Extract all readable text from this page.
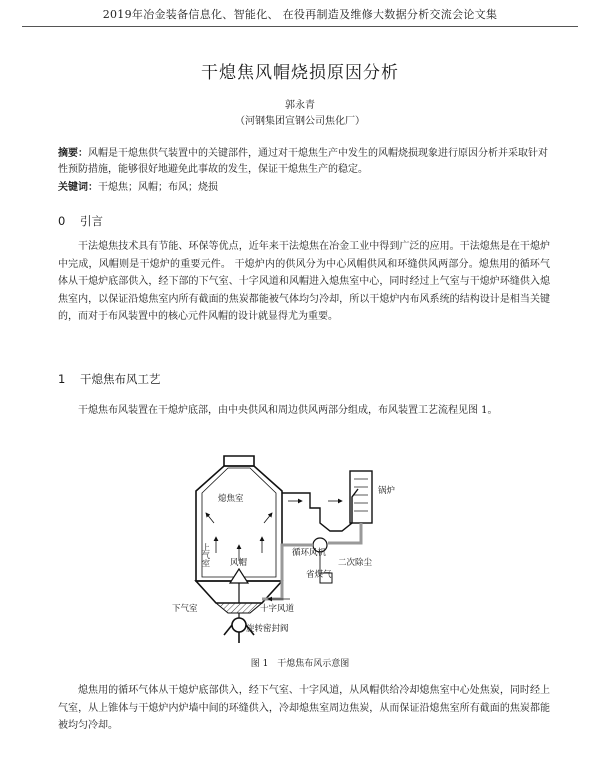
2019年冶金装备信息化、智能化、 在役再制造及维修大数据分析交流会论文集
干熄焦风帽烧损原因分析
郭永青
（河钢集团宣钢公司焦化厂）
摘要：风帽是干熄焦供气装置中的关键部件，通过对干熄焦生产中发生的风帽烧损现象进行原因分析并采取针对性预防措施，能够很好地避免此事故的发生，保证干熄焦生产的稳定。
关键词：干熄焦；风帽；布风；烧损
0 引言

干法熄焦技术具有节能、环保等优点，近年来干法熄焦在冶金工业中得到广泛的应用。干法熄焦是在干熄炉中完成，风帽则是干熄炉的重要元件。 干熄炉内的供风分为中心风帽供风和环缝供风两部分。熄焦用的循环气体从干熄炉底部供入，经下部的下气室、十字风道和风帽进入熄焦室中心，同时经过上气室与干熄炉环缝供入熄焦室内，以保证沿熄焦室内所有截面的焦炭都能被气体均匀冷却，所以干熄炉内布风系统的结构设计是相当关键的，而对于布风装置中的核心元件风帽的设计就显得尤为重要。

1 干熄焦布风工艺

干熄焦布风装置在干熄炉底部，由中央供风和周边供风两部分组成，布风装置工艺流程见图 1。

熄焦室
锅炉
循环风机
二次除尘
省煤气
风帽
上气室
下气室	十字风道
旋转密封阀
图 1　干熄焦布风示意图

熄焦用的循环气体从干熄炉底部供入，经下气室、十字风道，从风帽供给冷却熄焦室中心处焦炭，同时经上气室，从上锥体与干熄炉内炉墙中间的环缝供入，冷却熄焦室周边焦炭，从而保证沿熄焦室所有截面的焦炭都能被均匀冷却。
